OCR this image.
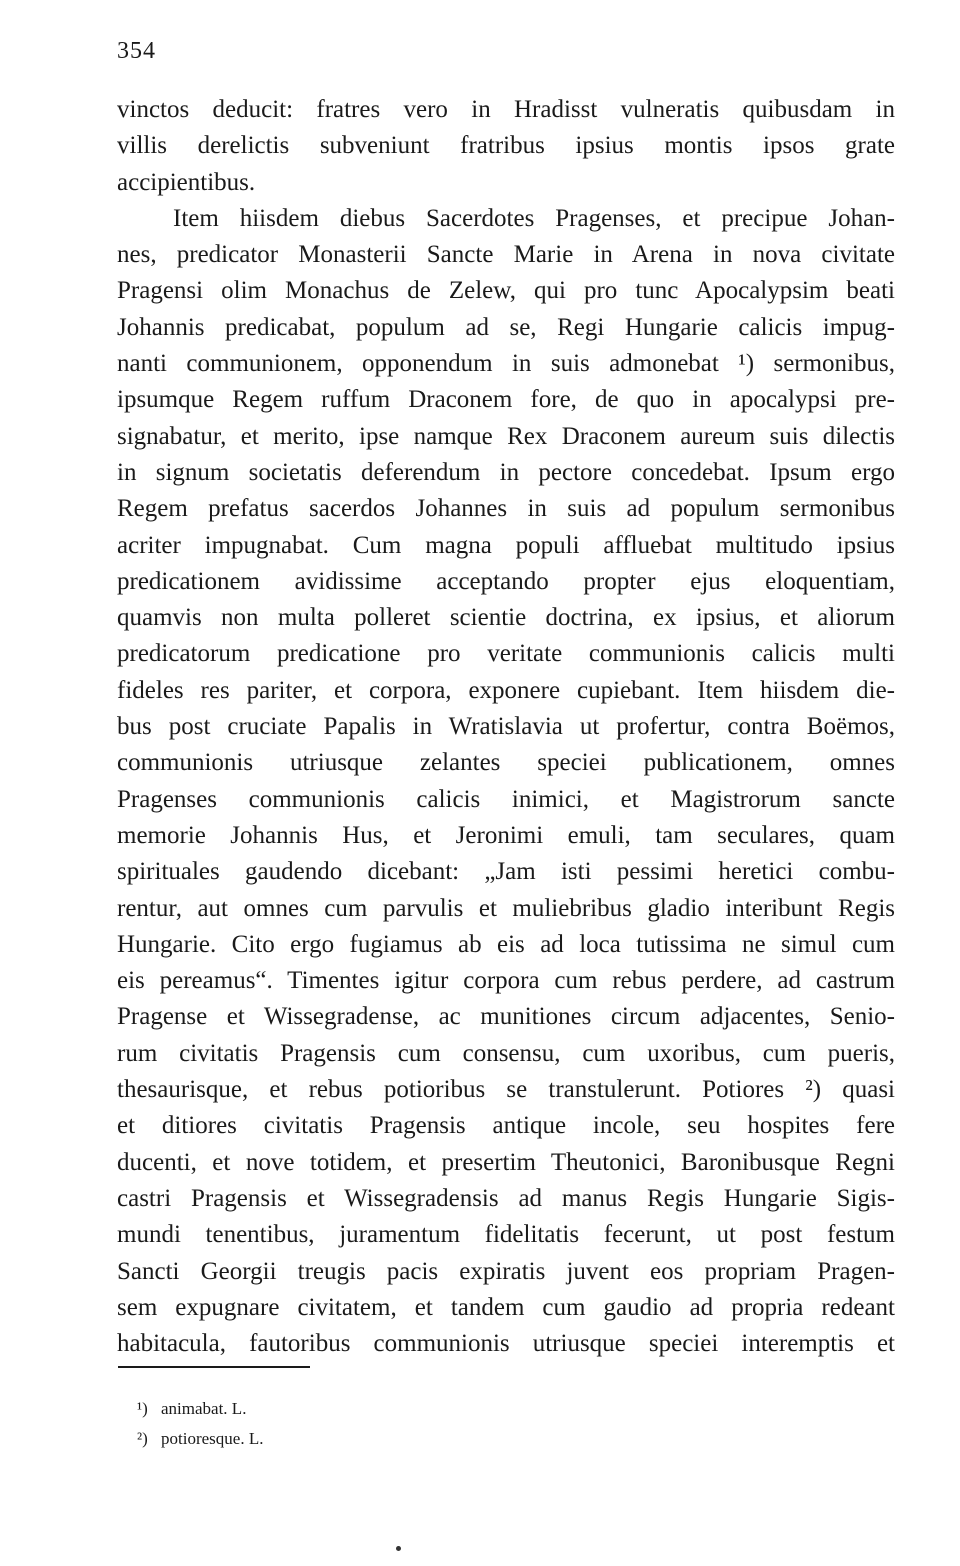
354
vinctos deducit: fratres vero in Hradisst vulneratis quibusdam in
villis derelictis subveniunt fratribus ipsius montis ipsos grate
accipientibus.
Item hiisdem diebus Sacerdotes Pragenses, et precipue Johan-
nes, predicator Monasterii Sancte Marie in Arena in nova civitate
Pragensi olim Monachus de Zelew, qui pro tunc Apocalypsim beati
Johannis predicabat, populum ad se, Regi Hungarie calicis impug-
nanti communionem, opponendum in suis admonebat ¹) sermonibus,
ipsumque Regem ruffum Draconem fore, de quo in apocalypsi pre-
signabatur, et merito, ipse namque Rex Draconem aureum suis dilectis
in signum societatis deferendum in pectore concedebat. Ipsum ergo
Regem prefatus sacerdos Johannes in suis ad populum sermonibus
acriter impugnabat. Cum magna populi affluebat multitudo ipsius
predicationem avidissime acceptando propter ejus eloquentiam,
quamvis non multa polleret scientie doctrina, ex ipsius, et aliorum
predicatorum predicatione pro veritate communionis calicis multi
fideles res pariter, et corpora, exponere cupiebant. Item hiisdem die-
bus post cruciate Papalis in Wratislavia ut profertur, contra Boëmos,
communionis utriusque zelantes speciei publicationem, omnes
Pragenses communionis calicis inimici, et Magistrorum sancte
memorie Johannis Hus, et Jeronimi emuli, tam seculares, quam
spirituales gaudendo dicebant: „Jam isti pessimi heretici combu-
rentur, aut omnes cum parvulis et muliebribus gladio interibunt Regis
Hungarie. Cito ergo fugiamus ab eis ad loca tutissima ne simul cum
eis pereamus“. Timentes igitur corpora cum rebus perdere, ad castrum
Pragense et Wissegradense, ac munitiones circum adjacentes, Senio-
rum civitatis Pragensis cum consensu, cum uxoribus, cum pueris,
thesaurisque, et rebus potioribus se transtulerunt. Potiores ²) quasi
et ditiores civitatis Pragensis antique incole, seu hospites fere
ducenti, et nove totidem, et presertim Theutonici, Baronibusque Regni
castri Pragensis et Wissegradensis ad manus Regis Hungarie Sigis-
mundi tenentibus, juramentum fidelitatis fecerunt, ut post festum
Sancti Georgii treugis pacis expiratis juvent eos propriam Pragen-
sem expugnare civitatem, et tandem cum gaudio ad propria redeant
habitacula, fautoribus communionis utriusque speciei interemptis et
¹) animabat. L.
²) potioresque. L.
